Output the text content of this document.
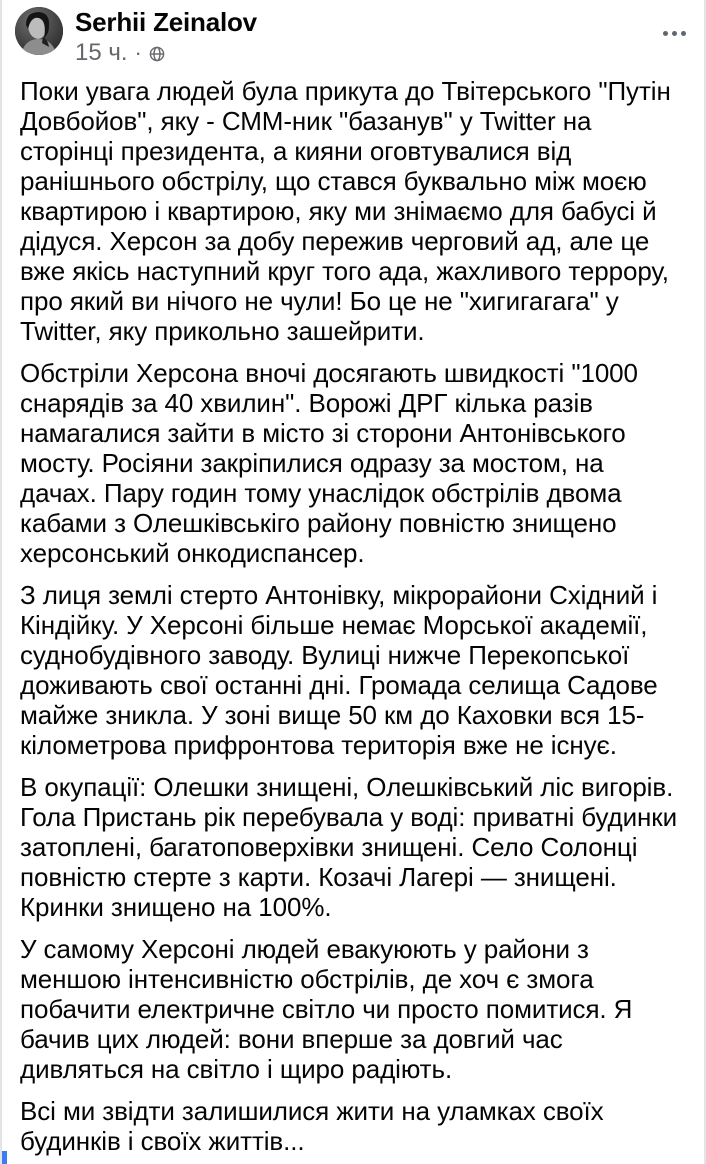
Serhii Zeinalov
15 ч. ·

Поки увага людей була прикута до Твітерського "Путін Довбойов", яку - СММ-ник "базанув" у Twitter на сторінці президента, а кияни оговтувалися від ранішнього обстрілу, що стався буквально між моєю квартирою і квартирою, яку ми знімаємо для бабусі й дідуся. Херсон за добу пережив черговий ад, але це вже якісь наступний круг того ада, жахливого террору, про який ви нічого не чули! Бо це не "хигигагага" у Twitter, яку прикольно зашейрити.

Обстріли Херсона вночі досягають швидкості "1000 снарядів за 40 хвилин". Ворожі ДРГ кілька разів намагалися зайти в місто зі сторони Антонівського мосту. Росіяни закріпилися одразу за мостом, на дачах. Пару годин тому унаслідок обстрілів двома кабами з Олешківськіго району повністю знищено херсонський онкодиспансер.

З лиця землі стерто Антонівку, мікрорайони Східний і Кіндійку. У Херсоні більше немає Морської академії, суднобудівного заводу. Вулиці нижче Перекопської доживають свої останні дні. Громада селища Садове майже зникла. У зоні вище 50 км до Каховки вся 15-кілометрова прифронтова територія вже не існує.

В окупації: Олешки знищені, Олешківський ліс вигорів. Гола Пристань рік перебувала у воді: приватні будинки затоплені, багатоповерхівки знищені. Село Солонці повністю стерте з карти. Козачі Лагері — знищені. Кринки знищено на 100%.

У самому Херсоні людей евакуюють у райони з меншою інтенсивністю обстрілів, де хоч є змога побачити електричне світло чи просто помитися. Я бачив цих людей: вони вперше за довгий час дивляться на світло і щиро радіють.

Всі ми звідти залишилися жити на уламках своїх будинків і своїх життів...
